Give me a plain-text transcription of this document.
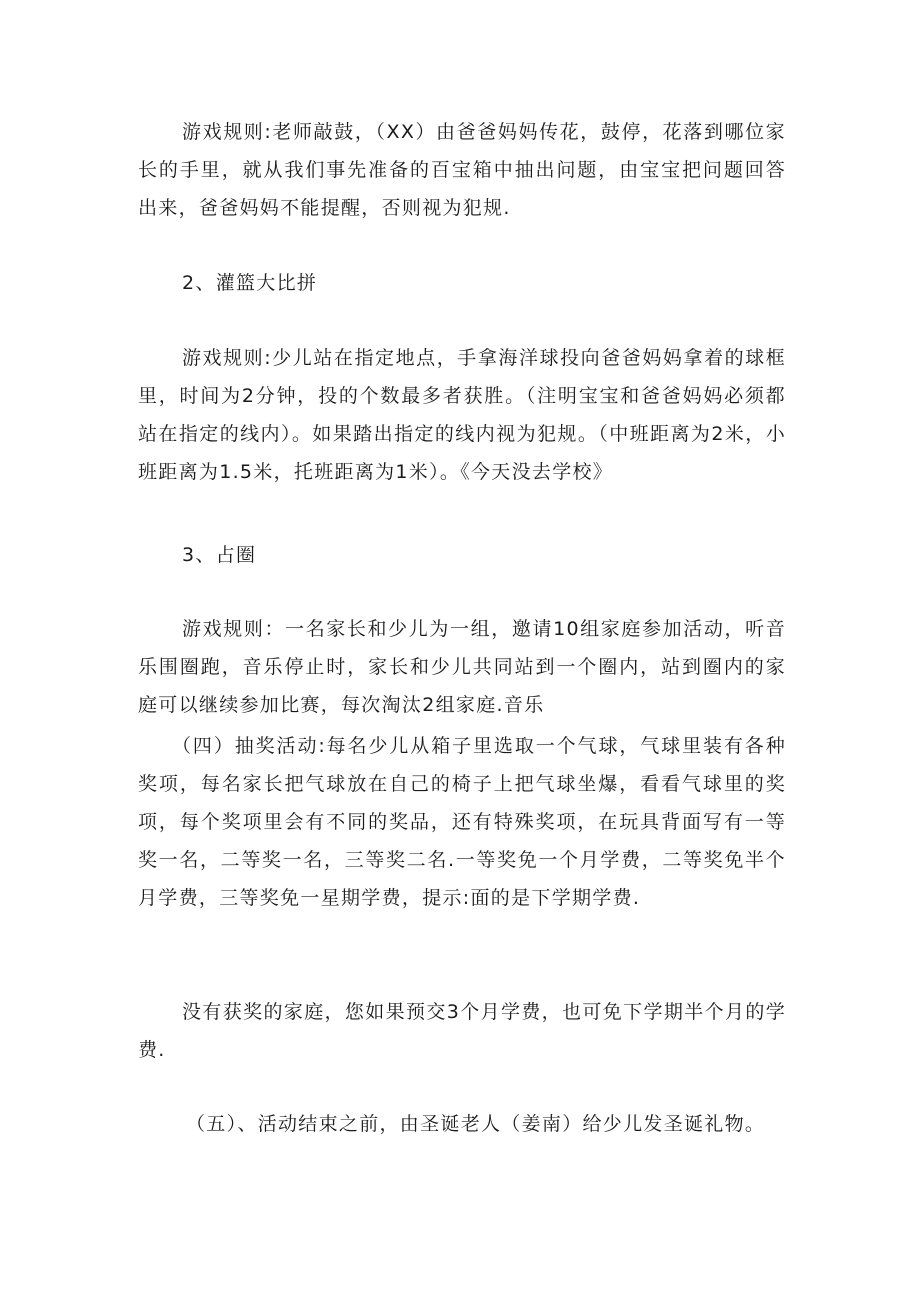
游戏规则:老师敲鼓，（XX）由爸爸妈妈传花，鼓停，花落到哪位家长的手里，就从我们事先准备的百宝箱中抽出问题，由宝宝把问题回答出来，爸爸妈妈不能提醒，否则视为犯规.

2、灌篮大比拼

游戏规则:少儿站在指定地点，手拿海洋球投向爸爸妈妈拿着的球框里，时间为2分钟，投的个数最多者获胜。（注明宝宝和爸爸妈妈必须都站在指定的线内）。如果踏出指定的线内视为犯规。（中班距离为2米，小班距离为1.5米，托班距离为1米）。《今天没去学校》

3、占圈

游戏规则：一名家长和少儿为一组，邀请10组家庭参加活动，听音乐围圈跑，音乐停止时，家长和少儿共同站到一个圈内，站到圈内的家庭可以继续参加比赛，每次淘汰2组家庭.音乐

（四）抽奖活动:每名少儿从箱子里选取一个气球，气球里装有各种奖项，每名家长把气球放在自己的椅子上把气球坐爆，看看气球里的奖项，每个奖项里会有不同的奖品，还有特殊奖项，在玩具背面写有一等奖一名，二等奖一名，三等奖二名.一等奖免一个月学费，二等奖免半个月学费，三等奖免一星期学费，提示:面的是下学期学费.

没有获奖的家庭，您如果预交3个月学费，也可免下学期半个月的学费.

（五）、活动结束之前，由圣诞老人（姜南）给少儿发圣诞礼物。
